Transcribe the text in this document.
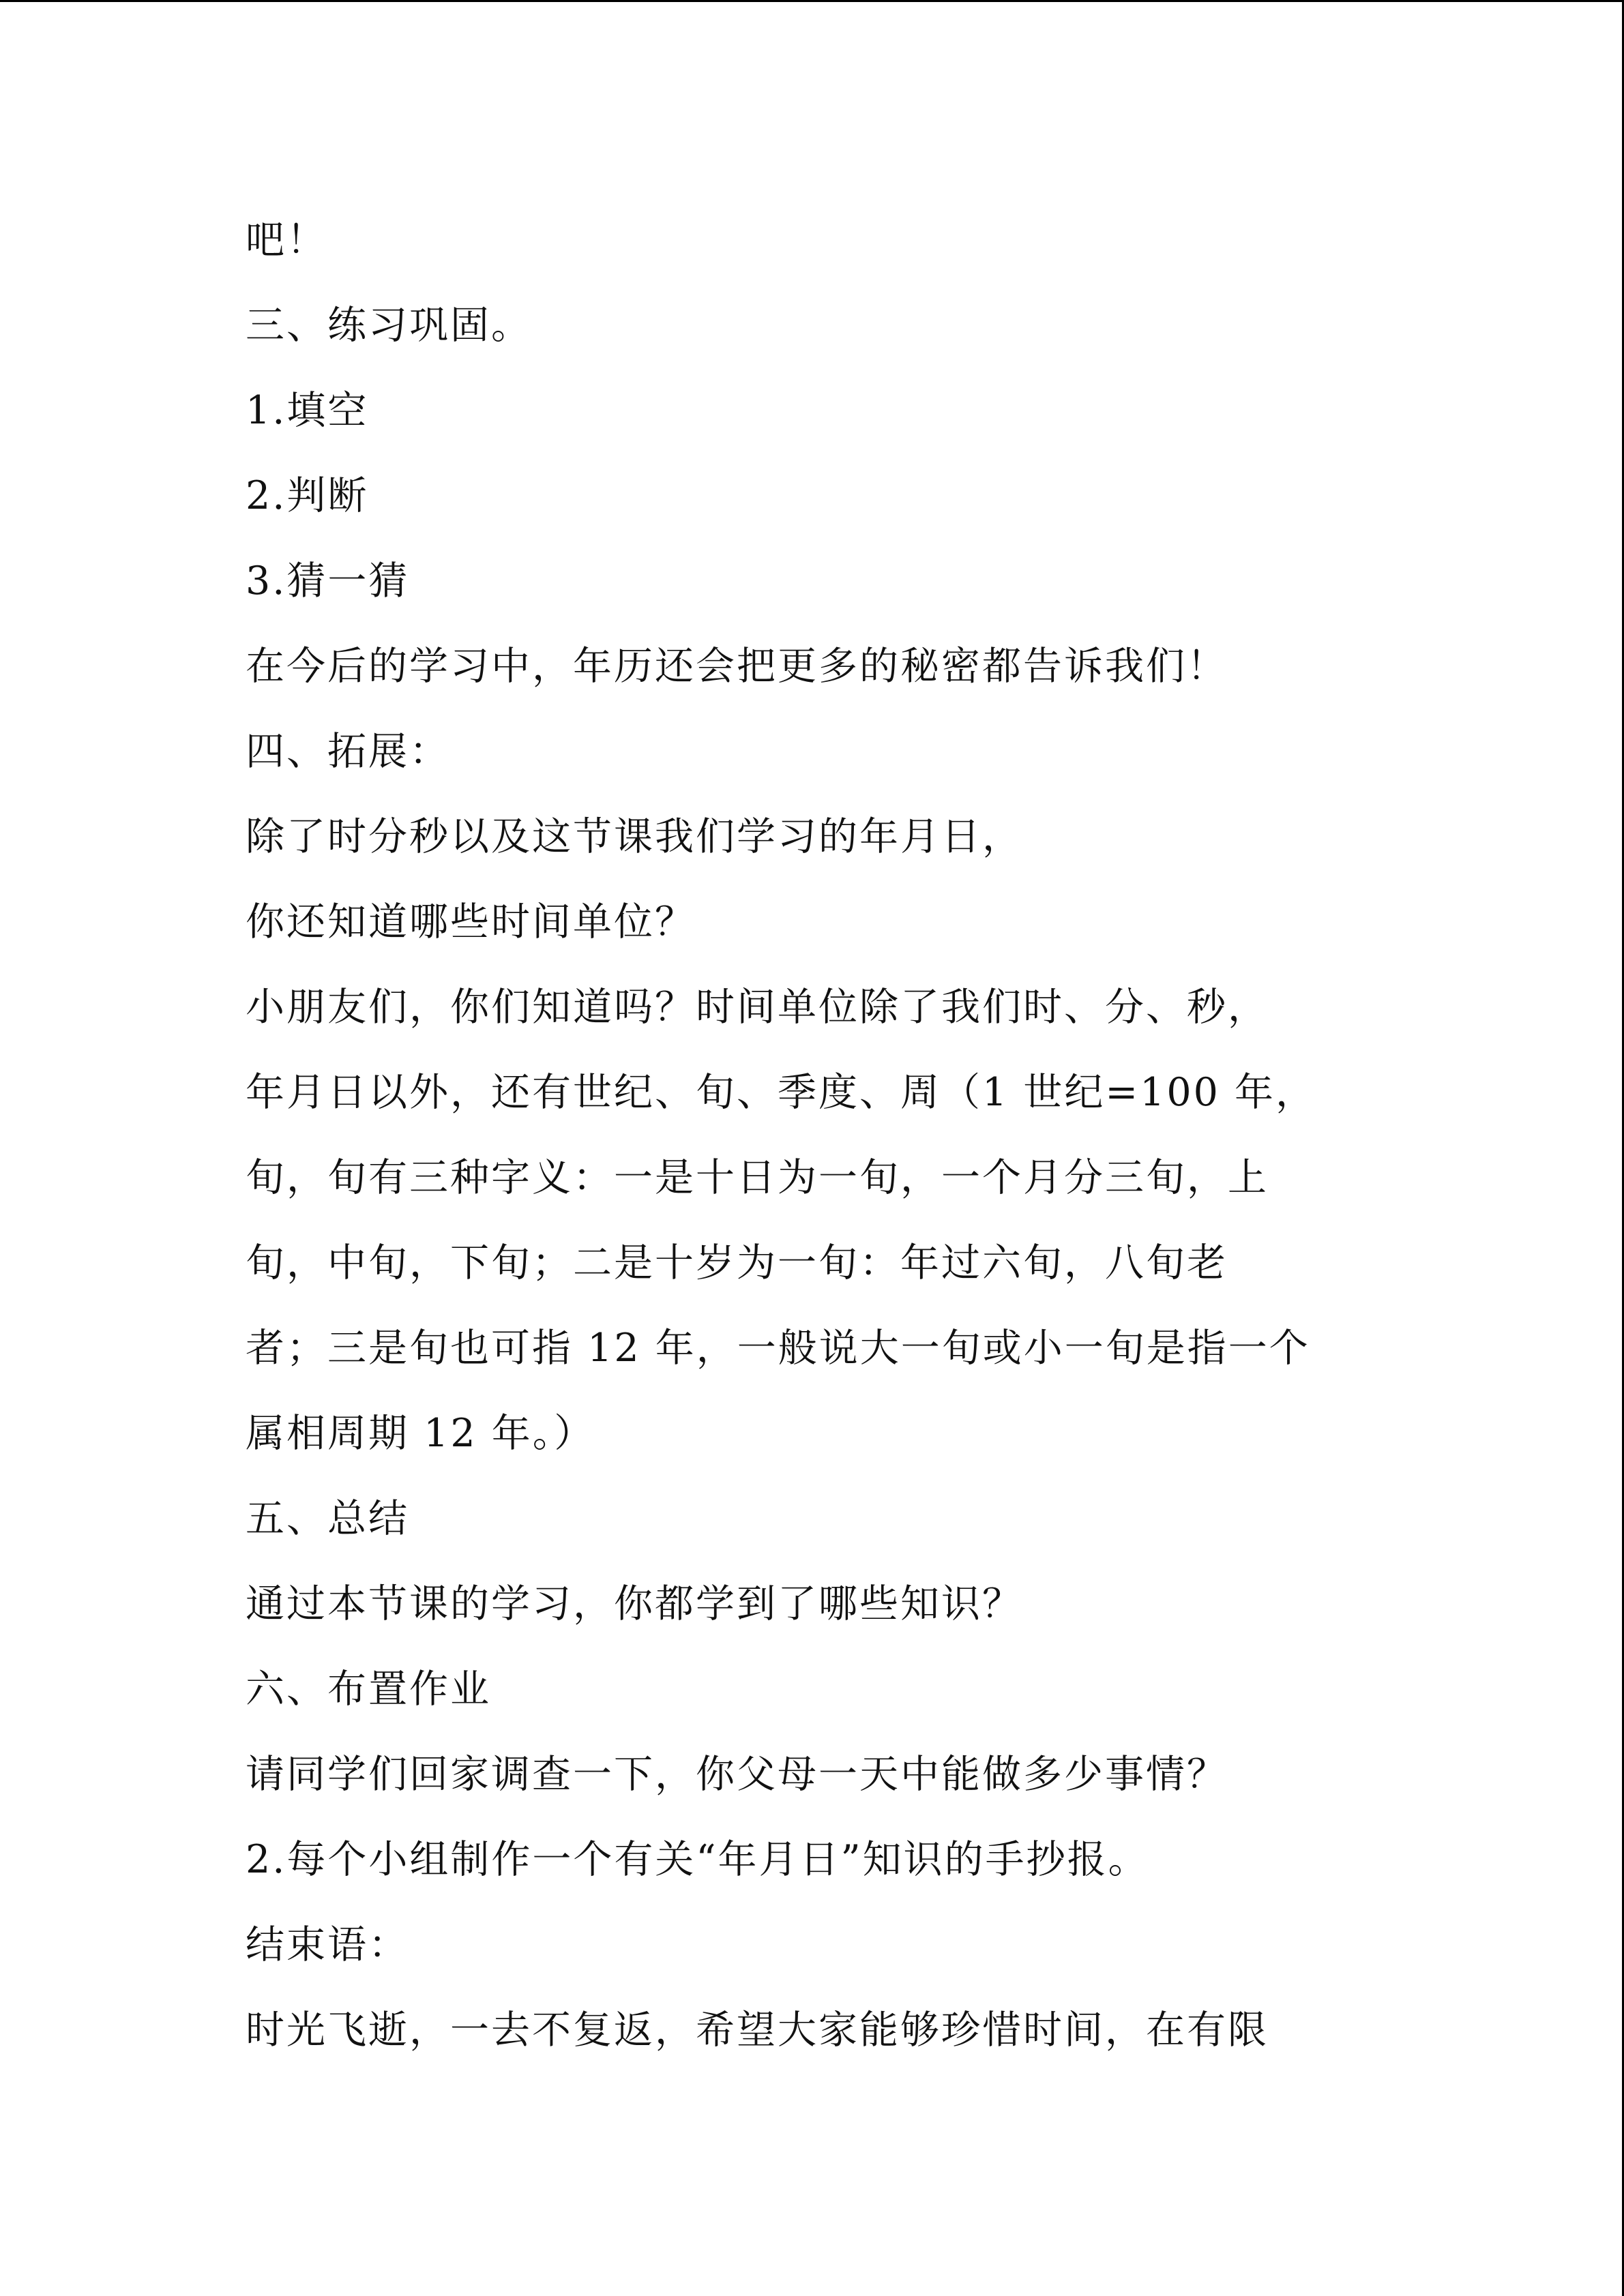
吧！
三、练习巩固。
1.填空
2.判断
3.猜一猜
在今后的学习中，年历还会把更多的秘密都告诉我们！
四、拓展：
除了时分秒以及这节课我们学习的年月日，
你还知道哪些时间单位？
小朋友们，你们知道吗？时间单位除了我们时、分、秒，
年月日以外，还有世纪、旬、季度、周（1 世纪=100 年，
旬，旬有三种字义：一是十日为一旬，一个月分三旬，上
旬，中旬，下旬；二是十岁为一旬：年过六旬，八旬老
者；三是旬也可指 12 年，一般说大一旬或小一旬是指一个
属相周期 12 年。）
五、总结
通过本节课的学习，你都学到了哪些知识？
六、布置作业
请同学们回家调查一下，你父母一天中能做多少事情？
2.每个小组制作一个有关“年月日”知识的手抄报。
结束语：
时光飞逝，一去不复返，希望大家能够珍惜时间，在有限
